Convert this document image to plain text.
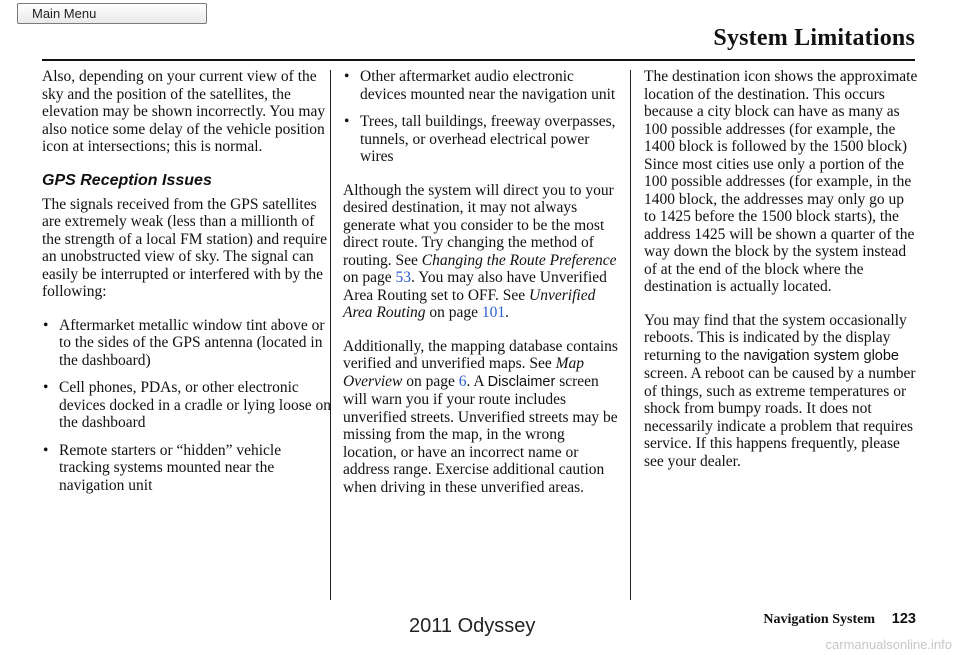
Main Menu
System Limitations

Also, depending on your current view of the sky and the position of the satellites, the elevation may be shown incorrectly. You may also notice some delay of the vehicle position icon at intersections; this is normal.

GPS Reception Issues

The signals received from the GPS satellites are extremely weak (less than a millionth of the strength of a local FM station) and require an unobstructed view of sky. The signal can easily be interrupted or interfered with by the following:

• Aftermarket metallic window tint above or to the sides of the GPS antenna (located in the dashboard)
• Cell phones, PDAs, or other electronic devices docked in a cradle or lying loose on the dashboard
• Remote starters or “hidden” vehicle tracking systems mounted near the navigation unit
• Other aftermarket audio electronic devices mounted near the navigation unit
• Trees, tall buildings, freeway overpasses, tunnels, or overhead electrical power wires

Although the system will direct you to your desired destination, it may not always generate what you consider to be the most direct route. Try changing the method of routing. See Changing the Route Preference on page 53. You may also have Unverified Area Routing set to OFF. See Unverified Area Routing on page 101.

Additionally, the mapping database contains verified and unverified maps. See Map Overview on page 6. A Disclaimer screen will warn you if your route includes unverified streets. Unverified streets may be missing from the map, in the wrong location, or have an incorrect name or address range. Exercise additional caution when driving in these unverified areas.

The destination icon shows the approximate location of the destination. This occurs because a city block can have as many as 100 possible addresses (for example, the 1400 block is followed by the 1500 block) Since most cities use only a portion of the 100 possible addresses (for example, in the 1400 block, the addresses may only go up to 1425 before the 1500 block starts), the address 1425 will be shown a quarter of the way down the block by the system instead of at the end of the block where the destination is actually located.

You may find that the system occasionally reboots. This is indicated by the display returning to the navigation system globe screen. A reboot can be caused by a number of things, such as extreme temperatures or shock from bumpy roads. It does not necessarily indicate a problem that requires service. If this happens frequently, please see your dealer.

Navigation System 123
2011 Odyssey
carmanualsonline.info
